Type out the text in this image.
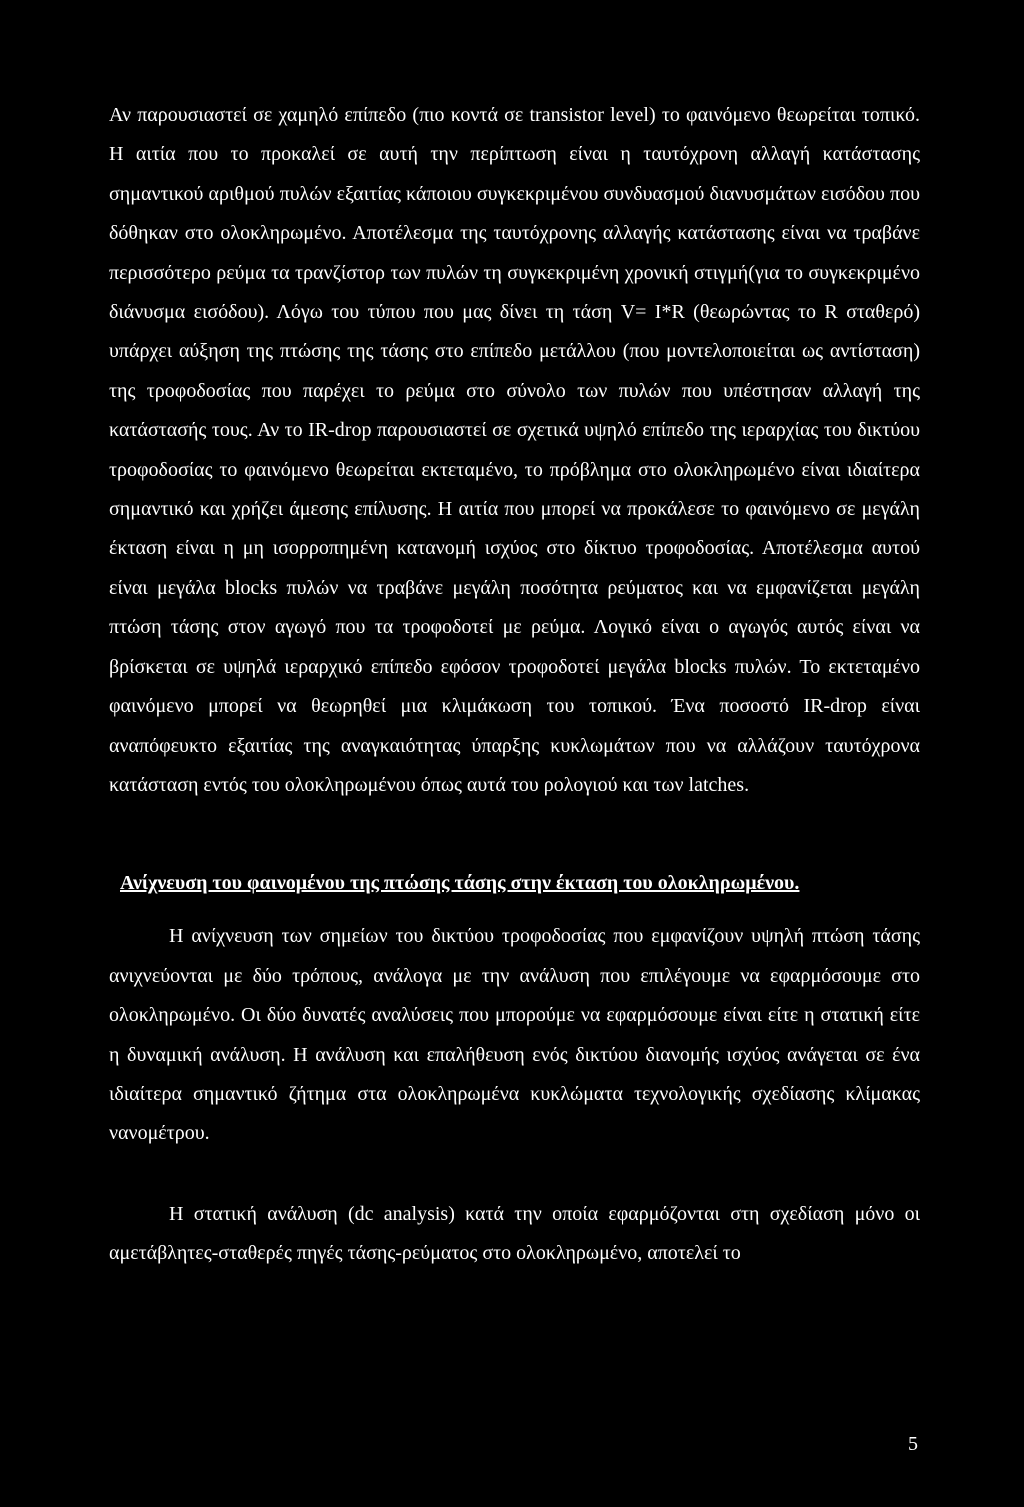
Αν παρουσιαστεί σε χαμηλό επίπεδο (πιο κοντά σε transistor level) το φαινόμενο θεωρείται τοπικό. Η αιτία που το προκαλεί σε αυτή την περίπτωση είναι η ταυτόχρονη αλλαγή κατάστασης σημαντικού αριθμού πυλών εξαιτίας κάποιου συγκεκριμένου συνδυασμού διανυσμάτων εισόδου που δόθηκαν στο ολοκληρωμένο. Αποτέλεσμα της ταυτόχρονης αλλαγής κατάστασης είναι να τραβάνε περισσότερο ρεύμα τα τρανζίστορ των πυλών τη συγκεκριμένη χρονική στιγμή(για το συγκεκριμένο διάνυσμα εισόδου). Λόγω του τύπου που μας δίνει τη τάση V= I*R (θεωρώντας το R σταθερό) υπάρχει αύξηση της πτώσης της τάσης στο επίπεδο μετάλλου (που μοντελοποιείται ως αντίσταση) της τροφοδοσίας που παρέχει το ρεύμα στο σύνολο των πυλών που υπέστησαν αλλαγή της κατάστασής τους. Αν το IR-drop παρουσιαστεί σε σχετικά υψηλό επίπεδο της ιεραρχίας του δικτύου τροφοδοσίας το φαινόμενο θεωρείται εκτεταμένο, το πρόβλημα στο ολοκληρωμένο είναι ιδιαίτερα σημαντικό και χρήζει άμεσης επίλυσης. Η αιτία που μπορεί να προκάλεσε το φαινόμενο σε μεγάλη έκταση είναι η μη ισορροπημένη κατανομή ισχύος στο δίκτυο τροφοδοσίας. Αποτέλεσμα αυτού είναι μεγάλα blocks πυλών να τραβάνε μεγάλη ποσότητα ρεύματος και να εμφανίζεται μεγάλη πτώση τάσης στον αγωγό που τα τροφοδοτεί με ρεύμα. Λογικό είναι ο αγωγός αυτός είναι να βρίσκεται σε υψηλά ιεραρχικό επίπεδο εφόσον τροφοδοτεί μεγάλα blocks πυλών. Το εκτεταμένο φαινόμενο μπορεί να θεωρηθεί μια κλιμάκωση του τοπικού. Ένα ποσοστό IR-drop είναι αναπόφευκτο εξαιτίας της αναγκαιότητας ύπαρξης κυκλωμάτων που να αλλάζουν ταυτόχρονα κατάσταση εντός του ολοκληρωμένου όπως αυτά του ρολογιού και των latches.

Ανίχνευση του φαινομένου της πτώσης τάσης στην έκταση του ολοκληρωμένου.

Η ανίχνευση των σημείων του δικτύου τροφοδοσίας που εμφανίζουν υψηλή πτώση τάσης ανιχνεύονται με δύο τρόπους, ανάλογα με την ανάλυση που επιλέγουμε να εφαρμόσουμε στο ολοκληρωμένο. Οι δύο δυνατές αναλύσεις που μπορούμε να εφαρμόσουμε είναι είτε η στατική είτε η δυναμική ανάλυση. Η ανάλυση και επαλήθευση ενός δικτύου διανομής ισχύος ανάγεται σε ένα ιδιαίτερα σημαντικό ζήτημα στα ολοκληρωμένα κυκλώματα τεχνολογικής σχεδίασης κλίμακας νανομέτρου.

Η στατική ανάλυση (dc analysis) κατά την οποία εφαρμόζονται στη σχεδίαση μόνο οι αμετάβλητες-σταθερές πηγές τάσης-ρεύματος στο ολοκληρωμένο, αποτελεί το

5
